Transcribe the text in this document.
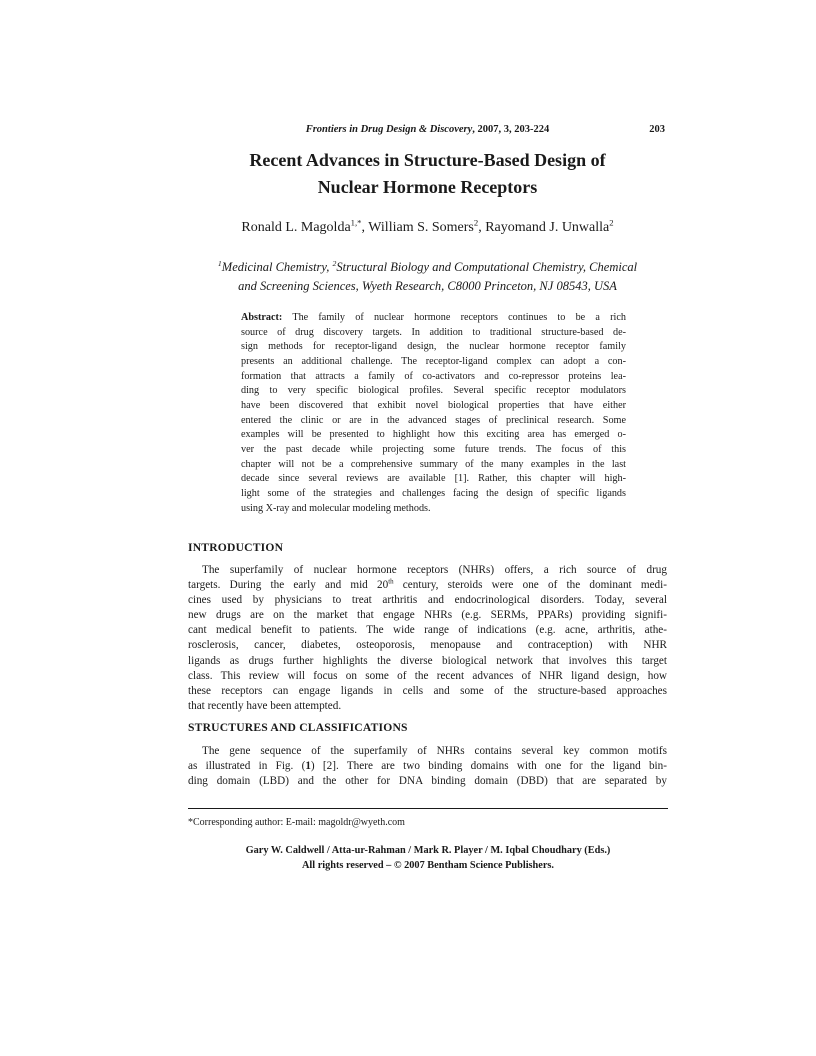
Frontiers in Drug Design & Discovery, 2007, 3, 203-224	203
Recent Advances in Structure-Based Design of
Nuclear Hormone Receptors
Ronald L. Magolda$^{1,*}$, William S. Somers$^2$, Rayomand J. Unwalla$^2$
$^1$Medicinal Chemistry, $^2$Structural Biology and Computational Chemistry, Chemical
and Screening Sciences, Wyeth Research, C8000 Princeton, NJ 08543, USA
Abstract: The family of nuclear hormone receptors continues to be a rich
source of drug discovery targets. In addition to traditional structure-based de-
sign methods for receptor-ligand design, the nuclear hormone receptor family
presents an additional challenge. The receptor-ligand complex can adopt a con-
formation that attracts a family of co-activators and co-repressor proteins lea-
ding to very specific biological profiles. Several specific receptor modulators
have been discovered that exhibit novel biological properties that have either
entered the clinic or are in the advanced stages of preclinical research. Some
examples will be presented to highlight how this exciting area has emerged o-
ver the past decade while projecting some future trends. The focus of this
chapter will not be a comprehensive summary of the many examples in the last
decade since several reviews are available [1]. Rather, this chapter will high-
light some of the strategies and challenges facing the design of specific ligands
using X-ray and molecular modeling methods.
INTRODUCTION
The superfamily of nuclear hormone receptors (NHRs) offers, a rich source of drug
targets. During the early and mid 20th century, steroids were one of the dominant medi-
cines used by physicians to treat arthritis and endocrinological disorders. Today, several
new drugs are on the market that engage NHRs (e.g. SERMs, PPARs) providing signifi-
cant medical benefit to patients. The wide range of indications (e.g. acne, arthritis, athe-
rosclerosis, cancer, diabetes, osteoporosis, menopause and contraception) with NHR
ligands as drugs further highlights the diverse biological network that involves this target
class. This review will focus on some of the recent advances of NHR ligand design, how
these receptors can engage ligands in cells and some of the structure-based approaches
that recently have been attempted.
STRUCTURES AND CLASSIFICATIONS
The gene sequence of the superfamily of NHRs contains several key common motifs
as illustrated in Fig. (1) [2]. There are two binding domains with one for the ligand bin-
ding domain (LBD) and the other for DNA binding domain (DBD) that are separated by
*Corresponding author: E-mail: magoldr@wyeth.com
Gary W. Caldwell / Atta-ur-Rahman / Mark R. Player / M. Iqbal Choudhary (Eds.)
All rights reserved – © 2007 Bentham Science Publishers.
